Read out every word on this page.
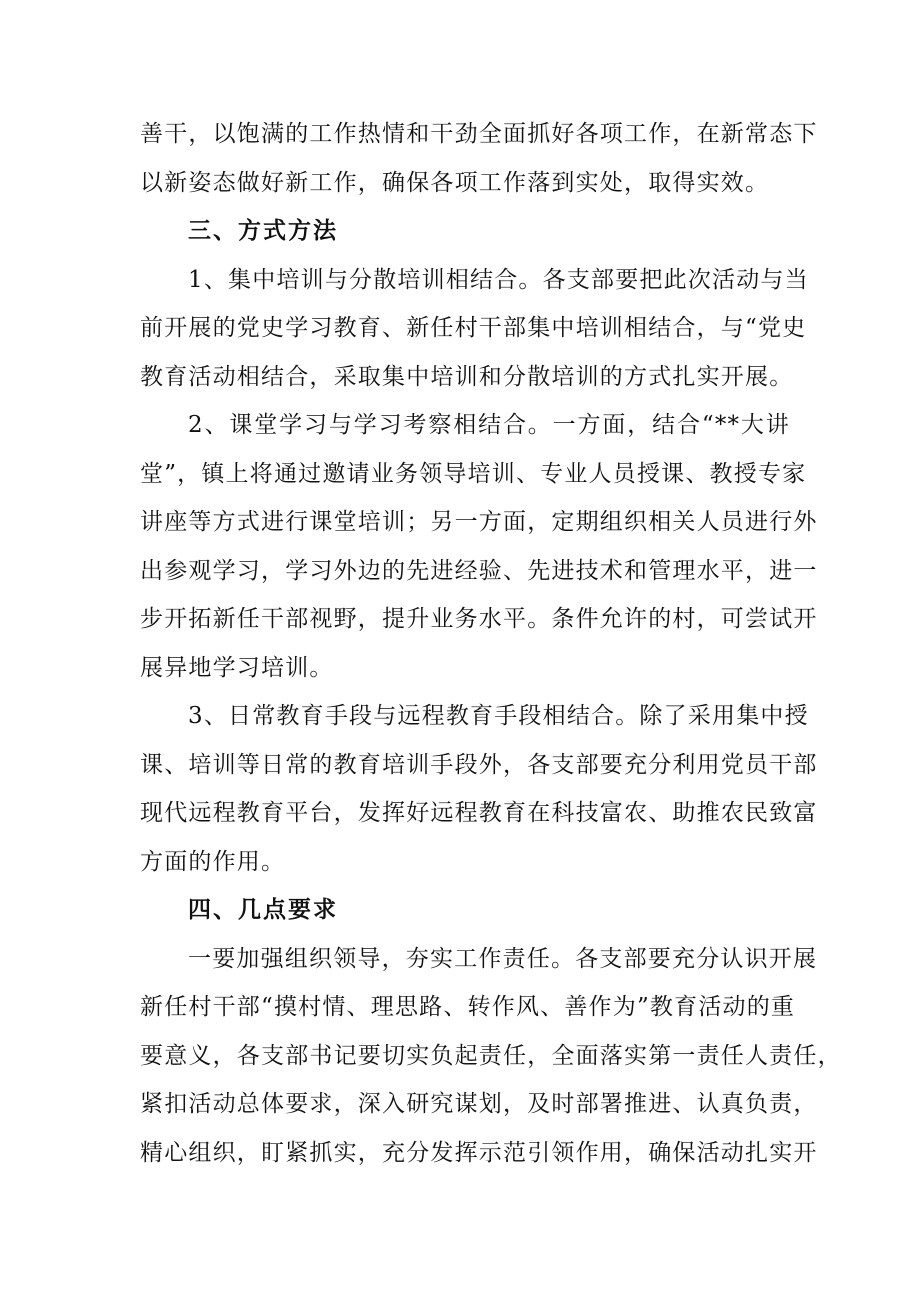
善干，以饱满的工作热情和干劲全面抓好各项工作，在新常态下
以新姿态做好新工作，确保各项工作落到实处，取得实效。

三、方式方法

1、集中培训与分散培训相结合。各支部要把此次活动与当
前开展的党史学习教育、新任村干部集中培训相结合，与“党史
教育活动相结合，采取集中培训和分散培训的方式扎实开展。

2、课堂学习与学习考察相结合。一方面，结合“**大讲
堂”，镇上将通过邀请业务领导培训、专业人员授课、教授专家
讲座等方式进行课堂培训；另一方面，定期组织相关人员进行外
出参观学习，学习外边的先进经验、先进技术和管理水平，进一
步开拓新任干部视野，提升业务水平。条件允许的村，可尝试开
展异地学习培训。

3、日常教育手段与远程教育手段相结合。除了采用集中授
课、培训等日常的教育培训手段外，各支部要充分利用党员干部
现代远程教育平台，发挥好远程教育在科技富农、助推农民致富
方面的作用。

四、几点要求

一要加强组织领导，夯实工作责任。各支部要充分认识开展
新任村干部“摸村情、理思路、转作风、善作为”教育活动的重
要意义，各支部书记要切实负起责任，全面落实第一责任人责任，
紧扣活动总体要求，深入研究谋划，及时部署推进、认真负责，
精心组织，盯紧抓实，充分发挥示范引领作用，确保活动扎实开
